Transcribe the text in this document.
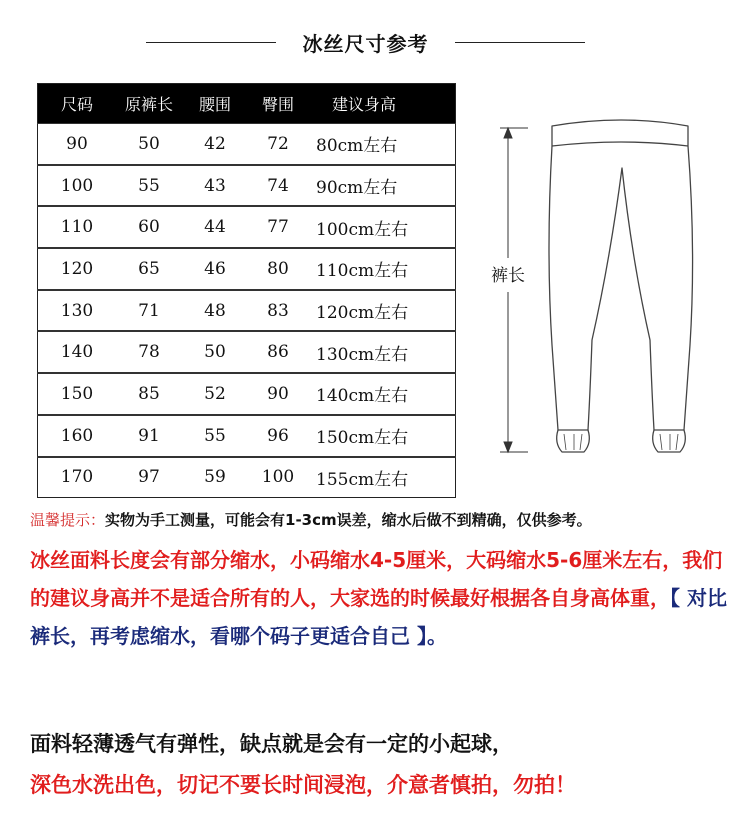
冰丝尺寸参考
尺码	原裤长	腰围	臀围	建议身高
90	50	42	72	80cm左右
100	55	43	74	90cm左右
110	60	44	77	100cm左右
120	65	46	80	110cm左右
130	71	48	83	120cm左右
140	78	50	86	130cm左右
150	85	52	90	140cm左右
160	91	55	96	150cm左右
170	97	59	100	155cm左右
裤长
温馨提示：实物为手工测量，可能会有1-3cm误差，缩水后做不到精确，仅供参考。
冰丝面料长度会有部分缩水，小码缩水4-5厘米，大码缩水5-6厘米左右，我们的建议身高并不是适合所有的人，大家选的时候最好根据各自身高体重，【 对比裤长，再考虑缩水，看哪个码子更适合自己 】。
面料轻薄透气有弹性，缺点就是会有一定的小起球，
深色水洗出色，切记不要长时间浸泡，介意者慎拍，勿拍！
